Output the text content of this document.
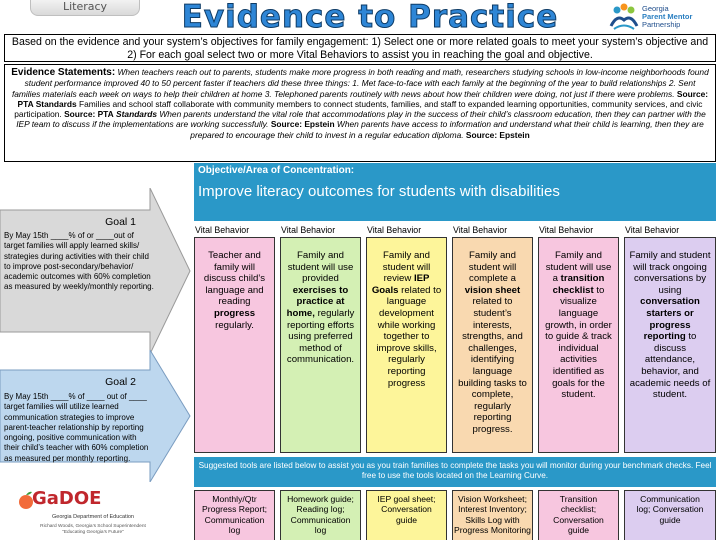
Literacy	Evidence to Practice	Georgia
Parent Mentor
Partnership
Based on the evidence and your system’s objectives for family engagement: 1) Select one or more related goals to meet your system’s objective and
2) For each goal select two or more Vital Behaviors to assist you in reaching the goal and objective.
Evidence Statements: When teachers reach out to parents, students make more progress in both reading and math, researchers studying schools in low-income neighborhoods found student performance improved 40 to 50 percent faster if teachers did these three things: 1. Met face-to-face with each family at the beginning of the year to build relationships 2. Sent families materials each week on ways to help their children at home 3. Telephoned parents routinely with news about how their children were doing, not just if there were problems. Source: PTA Standards Families and school staff collaborate with community members to connect students, families, and staff to expanded learning opportunities, community services, and civic participation. Source: PTA Standards When parents understand the vital role that accommodations play in the success of their child’s classroom education, then they can partner with the IEP team to discuss if the implementations are working successfully. Source: Epstein When parents have access to information and understand what their child is learning, then they are prepared to encourage their child to invest in a regular education diploma. Source: Epstein
Objective/Area of Concentration:
Improve literacy outcomes for students with disabilities
Goal 1
By May 15th ____% of or ____out of target families will apply learned skills/ strategies during activities with their child to improve post-secondary/behavior/ academic outcomes with 60% completion as measured by weekly/monthly reporting.
Goal 2
By May 15th ____% of ____ out of ____ target families will utilize learned communication strategies to improve parent-teacher relationship by reporting ongoing, positive communication with their child’s teacher with 60% completion as measured per monthly reporting.
Vital Behavior
Teacher and family will discuss child’s language and reading progress regularly.
Vital Behavior
Family and student will use provided exercises to practice at home, regularly reporting efforts using preferred method of communication.
Vital Behavior
Family and student will review IEP Goals related to language development while working together to improve skills, regularly reporting progress
Vital Behavior
Family and student will complete a vision sheet related to student’s interests, strengths, and challenges, identifying language building tasks to complete, regularly reporting progress.
Vital Behavior
Family and student will use a transition checklist to visualize language growth, in order to guide & track individual activities identified as goals for the student.
Vital Behavior
Family and student will track ongoing conversations by using conversation starters or progress reporting to discuss attendance, behavior, and academic needs of student.
Suggested tools are listed below to assist you as you train families to complete the tasks you will monitor during your benchmark checks. Feel free to use the tools located on the Learning Curve.
Monthly/Qtr
Progress Report;
Communication
log
Homework guide;
Reading log;
Communication
log
IEP goal sheet;
Conversation
guide
Vision Worksheet;
Interest Inventory;
Skills Log with
Progress Monitoring
Transition
checklist;
Conversation
guide
Communication
log; Conversation
guide
GaDOE
Georgia Department of Education
Richard Woods, Georgia’s School Superintendent
“Educating Georgia’s Future”
